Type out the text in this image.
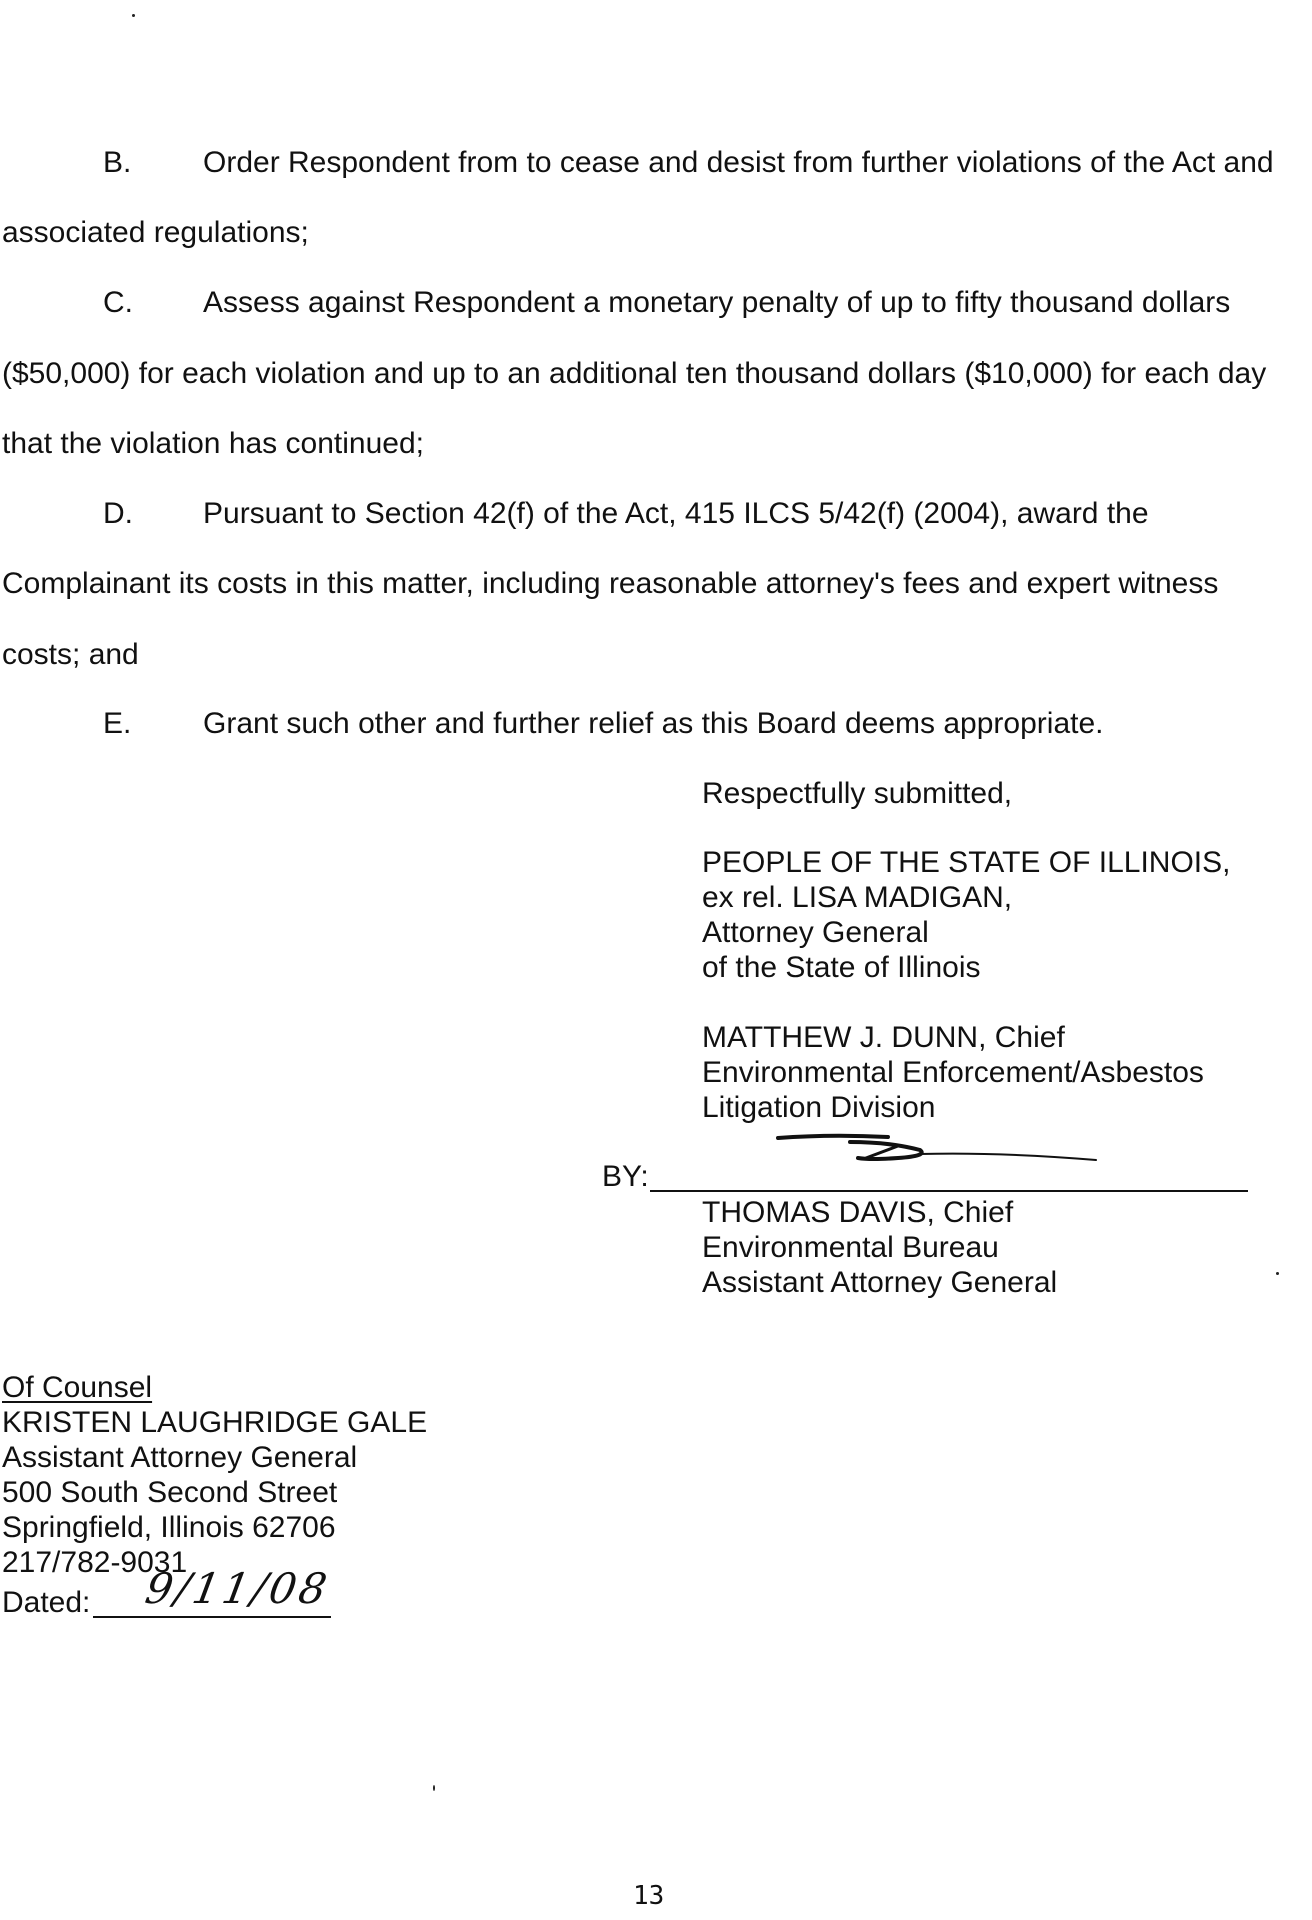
B. Order Respondent from to cease and desist from further violations of the Act and
associated regulations;
C. Assess against Respondent a monetary penalty of up to fifty thousand dollars
($50,000) for each violation and up to an additional ten thousand dollars ($10,000) for each day
that the violation has continued;
D. Pursuant to Section 42(f) of the Act, 415 ILCS 5/42(f) (2004), award the
Complainant its costs in this matter, including reasonable attorney's fees and expert witness
costs; and
E. Grant such other and further relief as this Board deems appropriate.
Respectfully submitted,
PEOPLE OF THE STATE OF ILLINOIS,
ex rel. LISA MADIGAN,
Attorney General
of the State of Illinois
MATTHEW J. DUNN, Chief
Environmental Enforcement/Asbestos
Litigation Division
BY:
THOMAS DAVIS, Chief
Environmental Bureau
Assistant Attorney General
Of Counsel
KRISTEN LAUGHRIDGE GALE
Assistant Attorney General
500 South Second Street
Springfield, Illinois 62706
217/782-9031
Dated: 9/11/08
13
